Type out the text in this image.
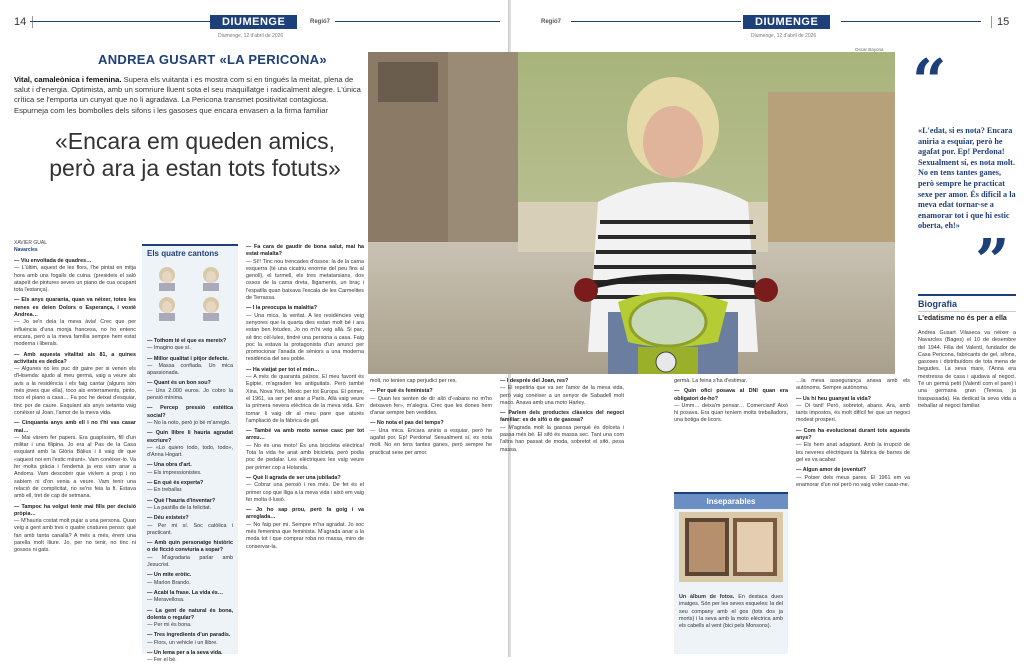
14	DIUMENGE	Regió7
Diumenge, 12 d'abril de 2026
ANDREA GUSART «LA PERICONA»
Vital, camaleònica i femenina. Supera els vuitanta i es mostra com si en tingués la meitat, plena de salut i d'energia. Optimista, amb un somriure lluent sota el seu maquillatge i radicalment alegre. L'única crítica se l'emporta un cunyat que no li agradava. La Pericona transmet positivitat contagiosa. Espurneja com les bombolles dels sifons i les gasoses que encara envasen a la firma familiar
«Encara em queden amics, però ara ja estan tots fotuts»
XAVIER GUAL
Navarcles

— Viu envoltada de quadres…
— L'últim, aquest de les flors, l'he pintat en mitja hora amb uns fogalls de cuina. (presideix el saló atapeït de pintures seves un piano de cua ocupant tota l'estança).

— Els anys quaranta, quan va néixer, totes les nenes es deien Dolors o Esperança, i vostè Andrea…
— Jo se'n deia la meva àvia! Crec que per influència d'una monja francesa, no ho entenc encara, però a la meva família sempre hem estat moderna i liberals.

— Amb aquesta vitalitat als 81, a quines activitats es dedica?
— Algunes no les puc dir gaire per si venen els d'Hisenda: ajudo al meu germà, vaig a veure als avis a la residència i els faig cantar (alguns són més joves que ella), toco als enterraments, pinto, toco el piano a casa… Fa poc he deixat d'esquiar, tinc por de caure. Esquiant als anys setanta vaig conèixer al Joan, l'amor de la meva vida.

— Cinquanta anys amb ell i no t'hi vas casar mai…
— Mai vàrem fer papers. Era guapíssim, fill d'un militar i una filipina. Jo era al Pas de la Casa esquiant amb la Glòria Bàlius i li vaig dir que «aquest noi em l'estic mirant». Vam conèixer-lo. Va fer molta gràcia i l'endemà ja ens vam anar a Andorra. Vam descobrir que vivíem a prop i no sabíem ni d'on venia a veure. Vam tenir una relació de complicitat, no se'ns feia la fi. Estava amb ell, tret de cap de setmana.

— Tampoc ha volgut tenir mai fills per decisió pròpia…
— M'hauria costat molt pujar a una persona. Quan veig a gent amb tres o quatre criatures penso: què fan amb tanta canalla? A més a més, érem una parella molt lliure. Jo, per no tenir, no tinc ni gossos ni gats.

Els quatre cantons

— Tothom té el que es mereix?
— Imagino que sí.

— Millor qualitat i pitjor defecte.
— Massa confiada. Un mica apassionada.

— Quant és un bon sou?
— Uns 2.000 euros. Jo cobro la pensió mínima.

— Percep pressió estètica social?
— No la noto, però jo bé m'arreglo.

— Quin llibre li hauria agradat escriure?
— «Lo quiero todo, todo, todo», d'Anna Hogart.

— Una obra d'art.
— Els impressionistes.

— En què és experta?
— En treballar.

— Què l'hauria d'inventar?
— La pastilla de la felicitat.

— Déu existeix?
— Per mi sí. Soc catòlica i practicant.

— Amb quin personatge històric o de ficció conviuria a sopar?
— M'agradaria parlar amb Jesucrist.

— Un mite eròtic.
— Marlon Brando.

— Acabi la frase. La vida és…
— Meravellosa.

— La gent de natural és bona, dolenta o regular?
— Per mi és bona.

— Tres ingredients d'un paradís.
— Flors, un vehicle i un llibre.

— Un lema per a la seva vida.
— Fer el bé.

— Fa cara de gaudir de bona salut, mai ha estat malalta?
— Sí!! Tinc nou trencades d'ossos: la de la cama esquerra (té una cicatriu enorme del peu fins al genoll), el turmell, els tres metatarsians, dos ossos de la cama dreta, lligaments, un braç i l'espatlla quan baixava l'escala de les Carmelites de Terrassa.

— I la preocupa la malaltia?
— Una mica, la veritat. A les residències veig senyores que la quarta dies estan molt bé i ara estan ben fotudes. Jo no m'hi veig allà. Si pac, sé tinc cèl·lules, tindré una persona a casa. Faig poc la estava la protagonista d'un anunci per promocionar l'anada de sèniors a una moderna residència del seu poble.

— Ha viatjat per tot el món…
— A més de quaranta països. El meu favorit és Egipte, m'agraden les antiguitats. Però també Xina, Nova York, Mèxic per tot Europa. El primer, el 1961, va ser per anar a París. Allà vaig veure la primera nevera elèctrica de la meva vida. Em tornar li vaig dir al meu pare que aturés l'ampliació de la fàbrica de gel.

— També va amb moto sense casc per tot arreu…
— No és una moto! És una bicicleta elèctrica! Tota la vida he anat amb bicicleta, però podia poc de pedalar. Les elèctriques les vaig veure per primer cop a Holanda.

— Què li agrada de ser una jubilada?
— Cobrar una pensió i res més. De fet és el primer cop que lliga a la meva vida i això em vaig fer molta il·lusió.

— Jo ho sap prou, però fa goig i va arreglada…
— No faig per mi. Sempre m'ha agradat. Jo soc més femenina que feminista. M'agrada anar a la moda tot i que comprar roba no massa, miro de conservar-la.

Regió7	DIUMENGE	15
Diumenge, 12 d'abril de 2026
Oscar Bayona “
«L'edat, si es nota? Encara aniria a esquiar, però he agafat por. Ep! Perdona! Sexualment sí, es nota molt. No en tens tantes ganes, però sempre he practicat sexe per amor. És difícil a la meva edat tornar-se a enamorar tot i que hi estic oberta, eh!»
”
Biografia
L'edatisme no és per a ella

Andrea Gusart Vilaseca va néixer a Navarcles (Bages) el 10 de desembre del 1944. Filla del Valentí, fundador de Casa Pericona, fabricants de gel, sifons, gasoses i distribuïdors de tota mena de begudes. La seva mare, l'Anna era mestressa de casa i ajudava al negoci. Té un germà petit (Valentí com el pare) i una germana gran (Teresa, ja traspassada). Ha dedicat la seva vida a treballar al negoci familiar.

molt, no tenien cap perjudici per res.

— Per què és feminista?
— Quan les senten de dir allò d'«abans no m'ho deixaven fer», m'alegra. Crec que les dones hem d'anar sempre ben vestides.

— No nota el pas del temps?
— Una mica. Encara aniria a esquiar, però he agafat por. Ep! Perdona! Sexualment sí, es nota molt. No en tens tantes ganes, però sempre he practicat sexe per amor.

— I després del Joan, res?
— El repetiria que va ser l'amor de la meva vida, però vaig conèixer a un senyor de Sabadell molt maco. Anava amb una moto Harley.

— Parlem dels productes clàssics del negoci familiar: es de sifó o de gasosa?
— M'agrada molt la gasosa perquè és dolceta i passa més bé. El sifó és massa sec. Tant una com l'altra han passat de moda, sobretot el sifó, pesa massa.

germà. La feina s'ha d'estimar.

— Quin ofici posava al DNI quan era obligatori de-ho?
— Umm… deixa'm pensar… Comerciant! Això hi posava. Era quan teníem molts treballadors, una botiga de licors.

Inseparables
Un àlbum de fotos. En destaca dues imatges. Són per les seves esqueles: la del seu company amb el gos (tots dos ja morts) i la seva amb la moto elèctrica amb els cabells al vent (bici pels Monsons).

…la meva assegurança anava amb els autònoms. Sempre autònoma.

— Us hi heu guanyat la vida?
— Oi tant! Però, sobretot, abans. Ara, amb tants impostos, és molt difícil fer que un negoci modest prosperi.

— Com ha evolucionat durant tots aquests anys?
— Els hem anat adaptant. Amb la irrupció de les neveres elèctriques la fàbrica de barres de gel es va acabar.

— Algun amor de joventut?
— Potser dels meus pares. El 1961 em va enamorar d'un noi però no vaig voler casar-me.
